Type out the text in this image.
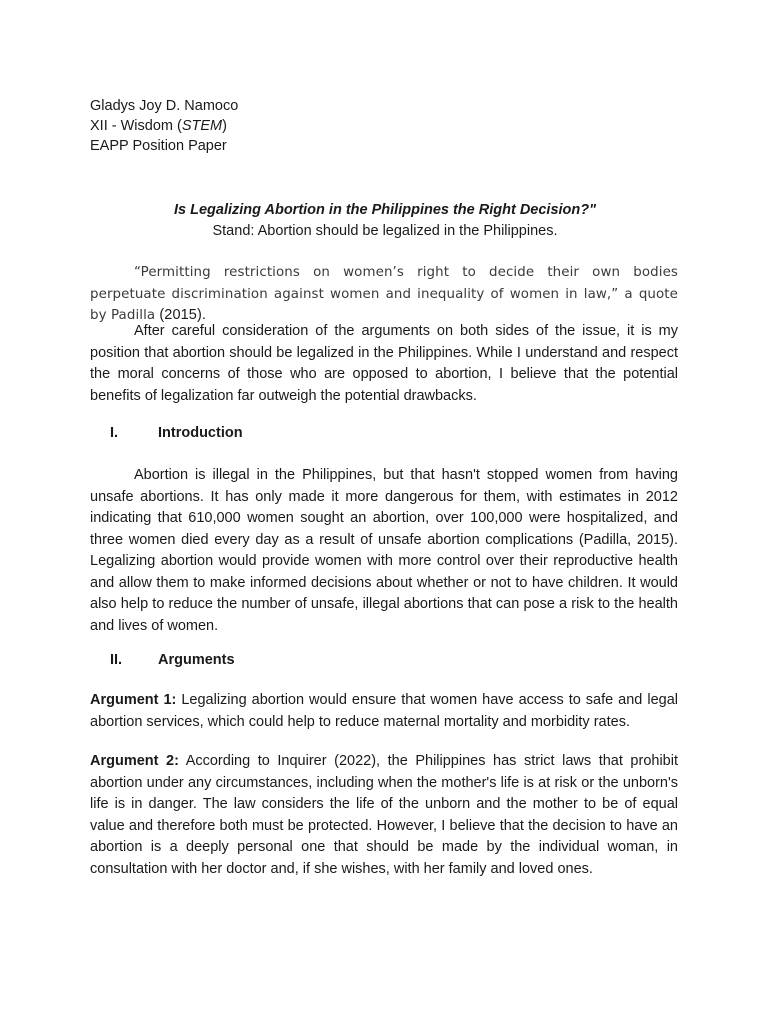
Gladys Joy D. Namoco
XII - Wisdom (STEM)
EAPP Position Paper
Is Legalizing Abortion in the Philippines the Right Decision?"
Stand: Abortion should be legalized in the Philippines.

“Permitting restrictions on women’s right to decide their own bodies perpetuate discrimination against women and inequality of women in law,” a quote by Padilla (2015).

After careful consideration of the arguments on both sides of the issue, it is my position that abortion should be legalized in the Philippines. While I understand and respect the moral concerns of those who are opposed to abortion, I believe that the potential benefits of legalization far outweigh the potential drawbacks.

I.	Introduction

Abortion is illegal in the Philippines, but that hasn't stopped women from having unsafe abortions. It has only made it more dangerous for them, with estimates in 2012 indicating that 610,000 women sought an abortion, over 100,000 were hospitalized, and three women died every day as a result of unsafe abortion complications (Padilla, 2015). Legalizing abortion would provide women with more control over their reproductive health and allow them to make informed decisions about whether or not to have children. It would also help to reduce the number of unsafe, illegal abortions that can pose a risk to the health and lives of women.

II. Arguments

Argument 1: Legalizing abortion would ensure that women have access to safe and legal abortion services, which could help to reduce maternal mortality and morbidity rates.

Argument 2: According to Inquirer (2022), the Philippines has strict laws that prohibit abortion under any circumstances, including when the mother's life is at risk or the unborn's life is in danger. The law considers the life of the unborn and the mother to be of equal value and therefore both must be protected. However, I believe that the decision to have an abortion is a deeply personal one that should be made by the individual woman, in consultation with her doctor and, if she wishes, with her family and loved ones.
